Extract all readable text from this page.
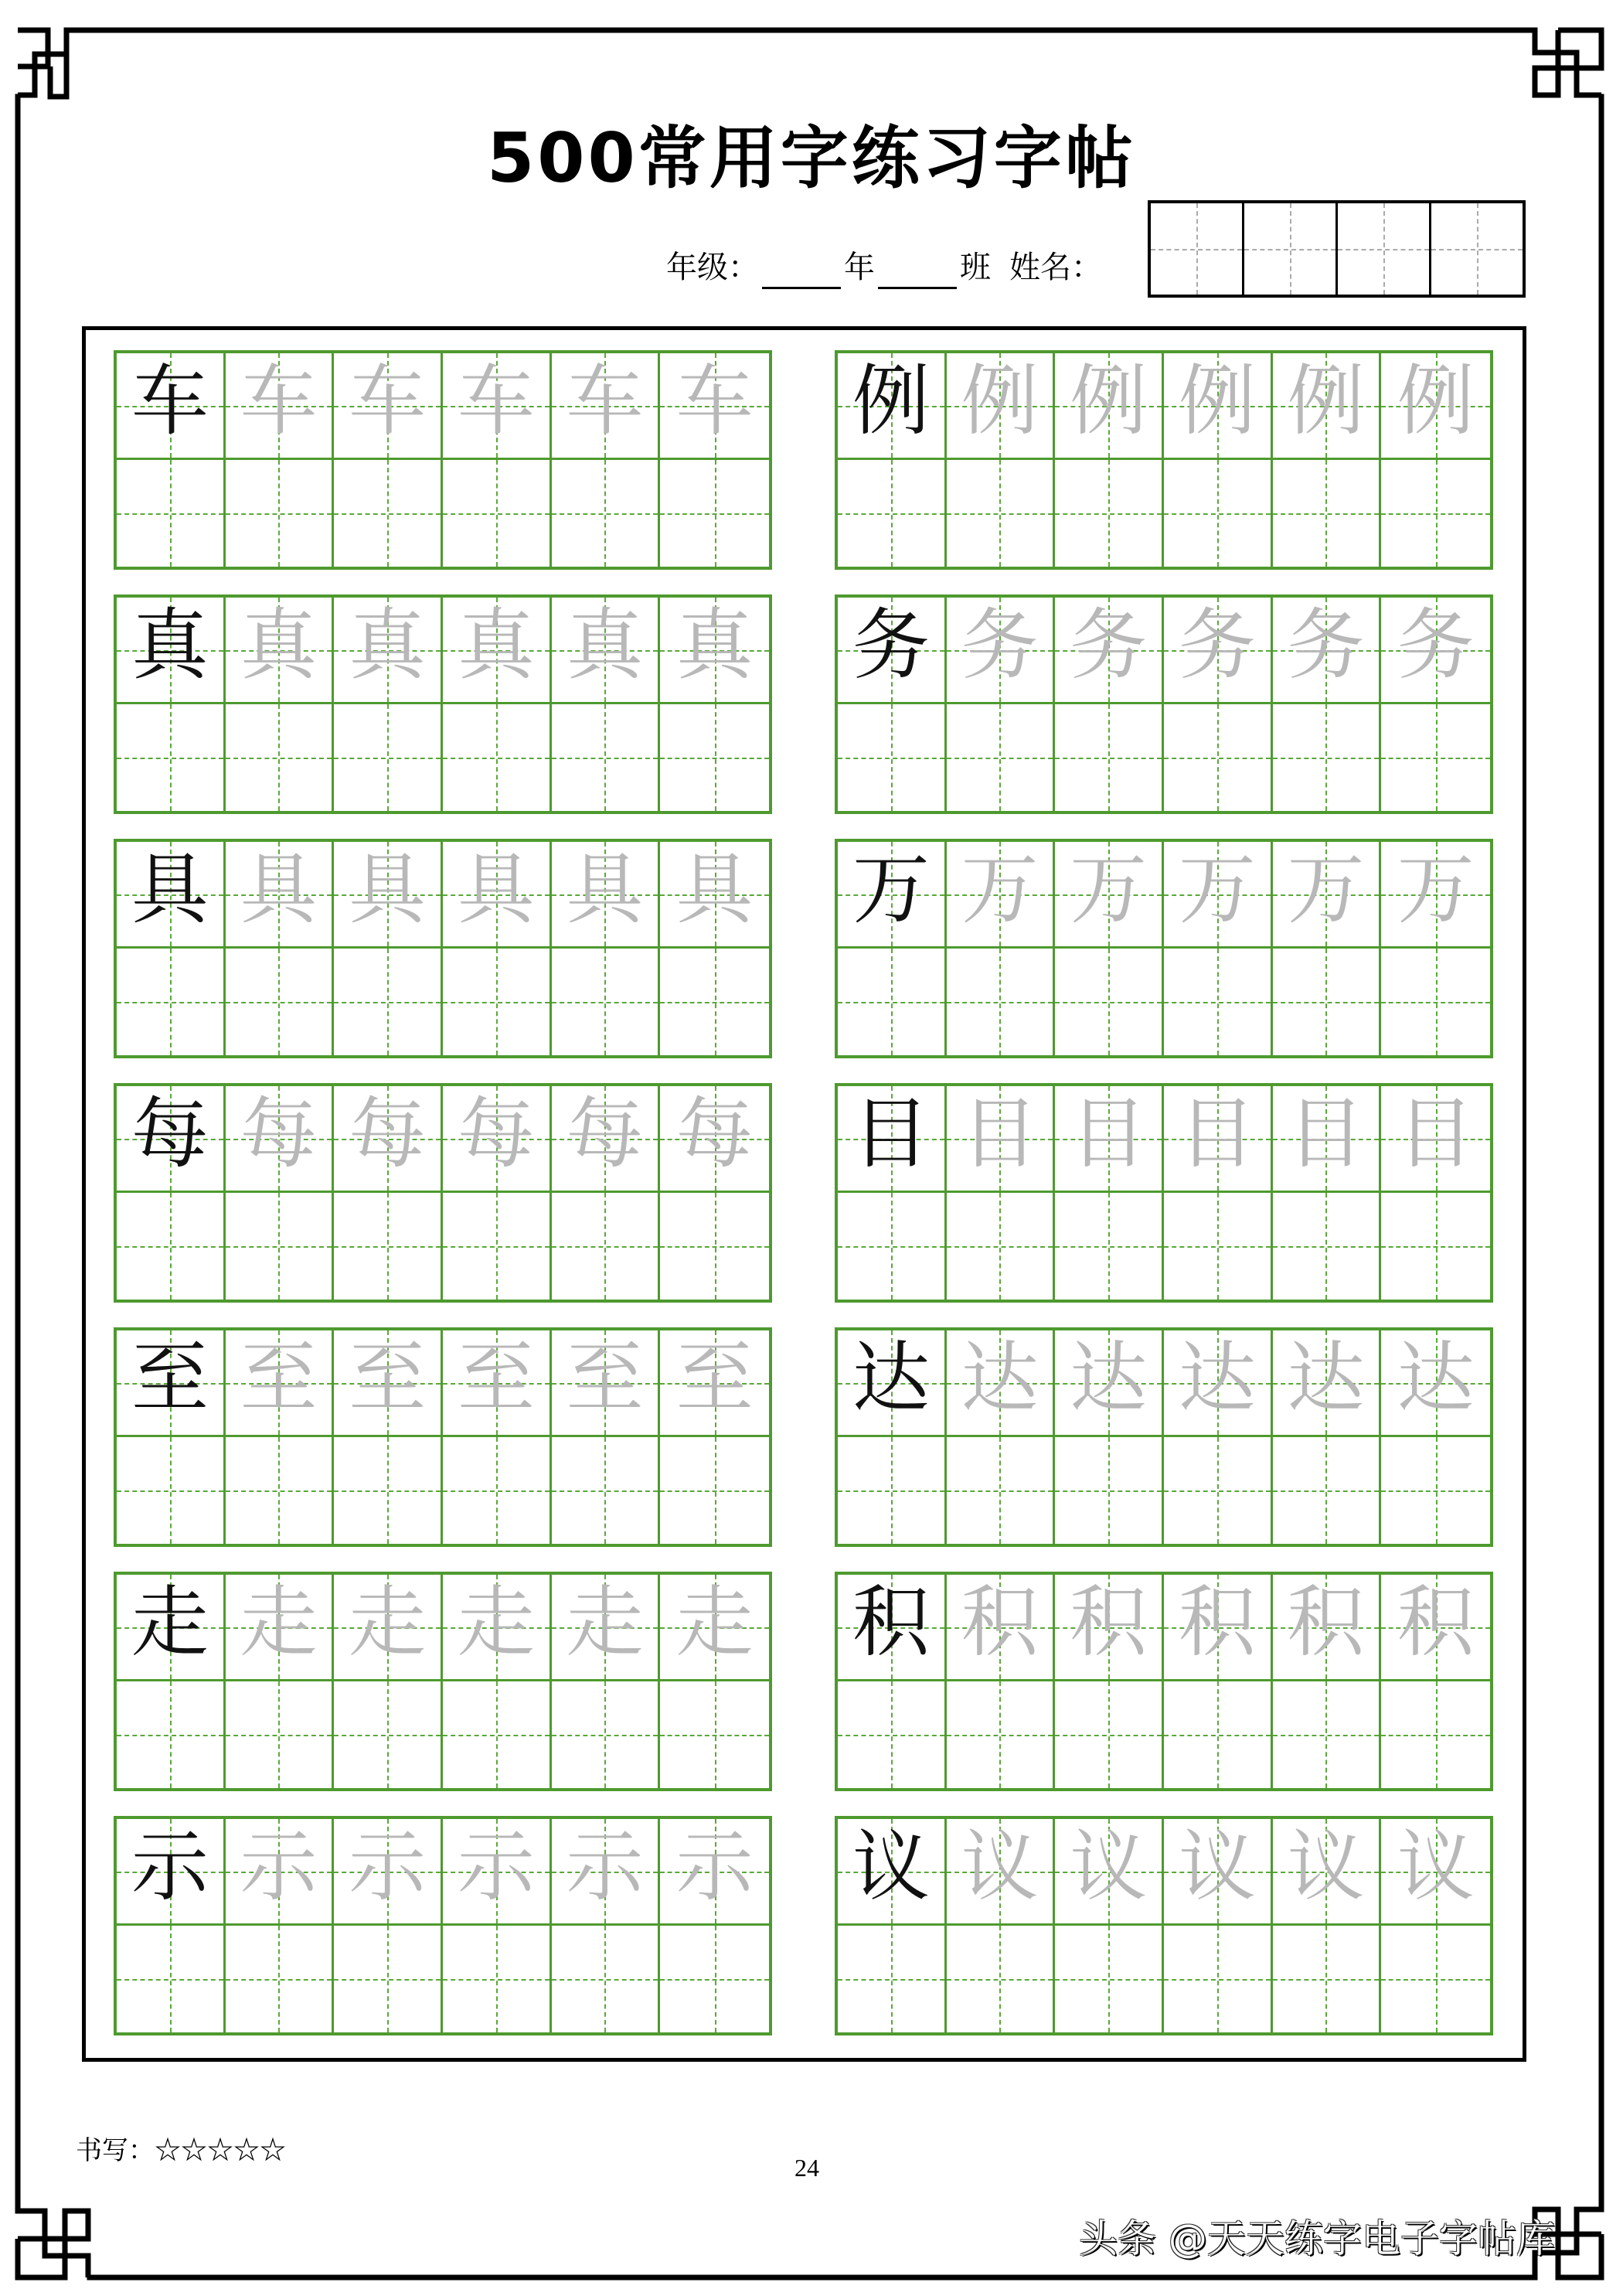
500常用字练习字帖
年级：	年	班 姓名：
车 车 车 车 车 车
真 真 真 真 真 真
具 具 具 具 具 具
每 每 每 每 每 每
至 至 至 至 至 至
走 走 走 走 走 走
示 示 示 示 示 示
例 例 例 例 例 例
务 务 务 务 务 务
万 万 万 万 万 万
目 目 目 目 目 目
达 达 达 达 达 达
积 积 积 积 积 积
议 议 议 议 议 议
书写：☆☆☆☆☆
24
头条 @天天练字电子字帖库
